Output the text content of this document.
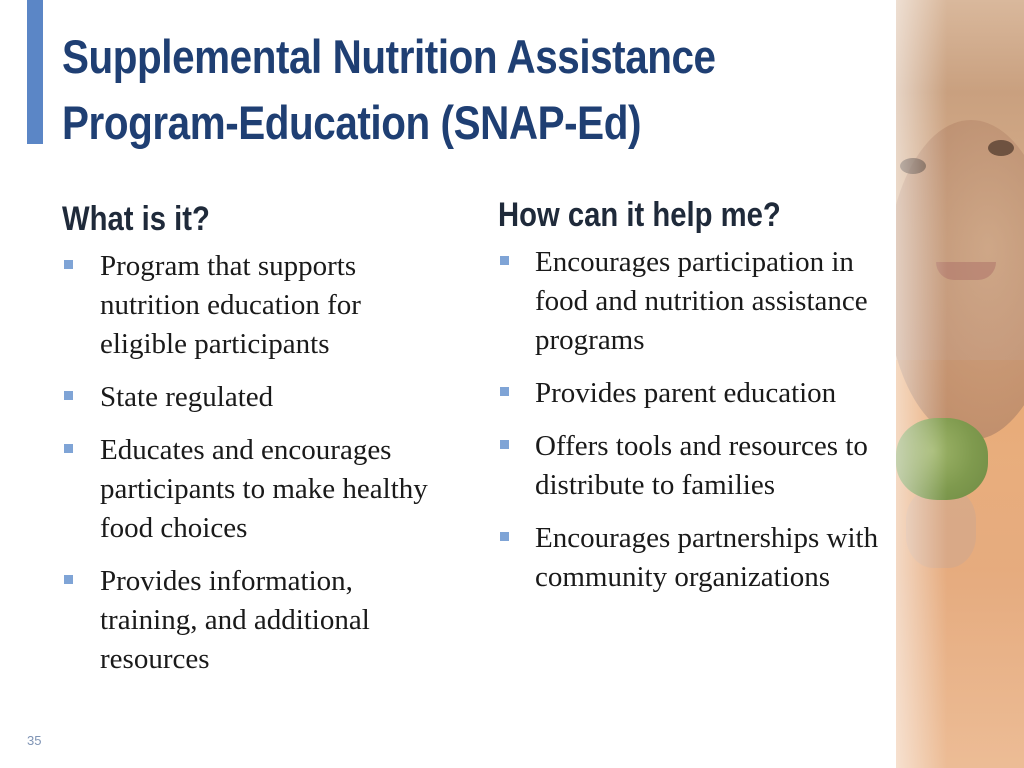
Supplemental Nutrition Assistance
Program-Education (SNAP-Ed)
What is it?
Program that supports nutrition education for eligible participants
State regulated
Educates and encourages participants to make healthy food choices
Provides information, training, and additional resources
How can it help me?
Encourages participation in food and nutrition assistance programs
Provides parent education
Offers tools and resources to distribute to families
Encourages partnerships with community organizations
35
